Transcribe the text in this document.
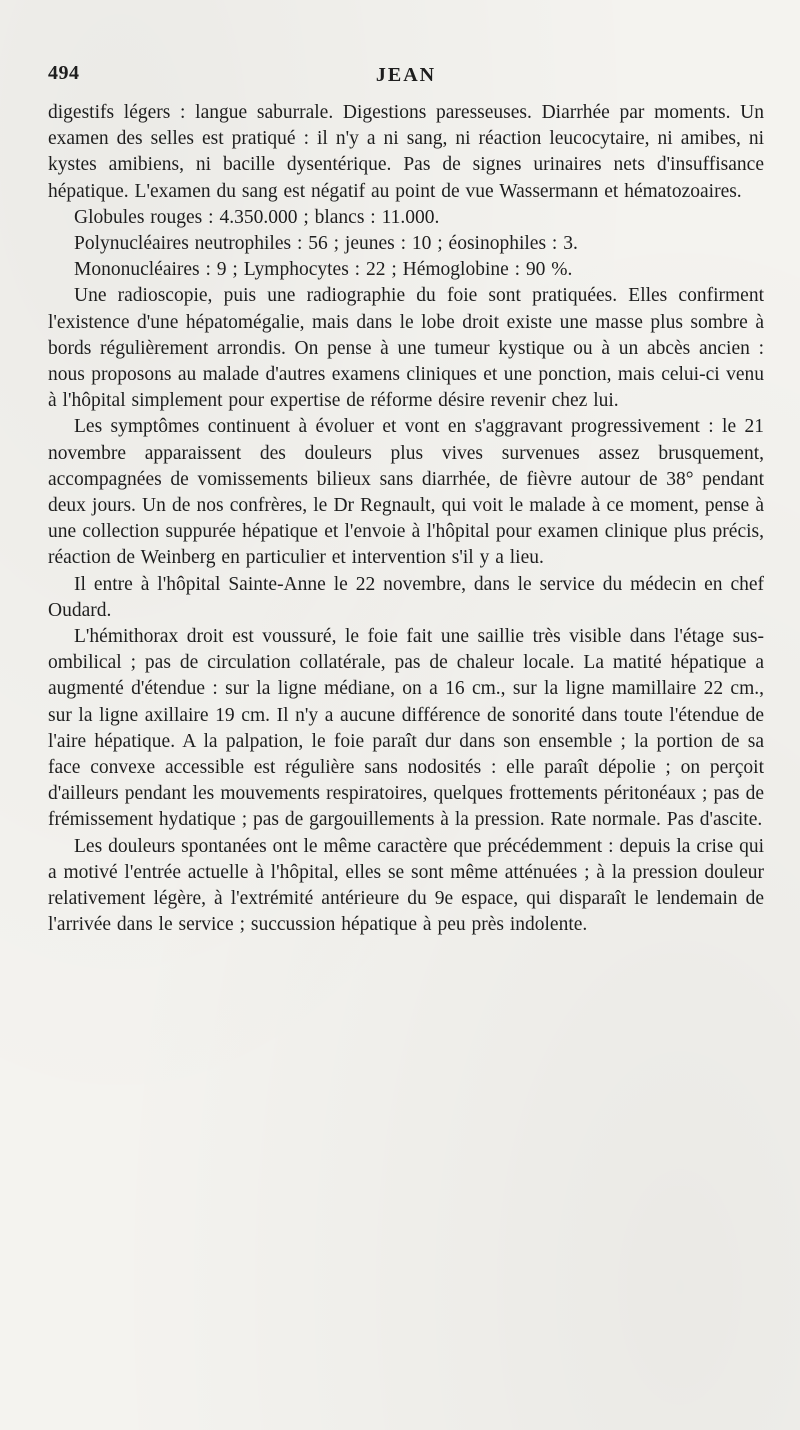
494	JEAN

digestifs légers : langue saburrale. Digestions paresseuses. Diarrhée par moments. Un examen des selles est pratiqué : il n'y a ni sang, ni réaction leucocytaire, ni amibes, ni kystes amibiens, ni bacille dysentérique. Pas de signes urinaires nets d'insuffisance hépatique. L'examen du sang est négatif au point de vue Wassermann et hématozoaires.

Globules rouges : 4.350.000 ; blancs : 11.000.

Polynucléaires neutrophiles : 56 ; jeunes : 10 ; éosinophiles : 3.

Mononucléaires : 9 ; Lymphocytes : 22 ; Hémoglobine : 90 %.

Une radioscopie, puis une radiographie du foie sont pratiquées. Elles confirment l'existence d'une hépatomégalie, mais dans le lobe droit existe une masse plus sombre à bords régulièrement arrondis. On pense à une tumeur kystique ou à un abcès ancien : nous proposons au malade d'autres examens cliniques et une ponction, mais celui-ci venu à l'hôpital simplement pour expertise de réforme désire revenir chez lui.

Les symptômes continuent à évoluer et vont en s'aggravant progressivement : le 21 novembre apparaissent des douleurs plus vives survenues assez brusquement, accompagnées de vomissements bilieux sans diarrhée, de fièvre autour de 38° pendant deux jours. Un de nos confrères, le Dr Regnault, qui voit le malade à ce moment, pense à une collection suppurée hépatique et l'envoie à l'hôpital pour examen clinique plus précis, réaction de Weinberg en particulier et intervention s'il y a lieu.

Il entre à l'hôpital Sainte-Anne le 22 novembre, dans le service du médecin en chef Oudard.

L'hémithorax droit est voussuré, le foie fait une saillie très visible dans l'étage sus-ombilical ; pas de circulation collatérale, pas de chaleur locale. La matité hépatique a augmenté d'étendue : sur la ligne médiane, on a 16 cm., sur la ligne mamillaire 22 cm., sur la ligne axillaire 19 cm. Il n'y a aucune différence de sonorité dans toute l'étendue de l'aire hépatique. A la palpation, le foie paraît dur dans son ensemble ; la portion de sa face convexe accessible est régulière sans nodosités : elle paraît dépolie ; on perçoit d'ailleurs pendant les mouvements respiratoires, quelques frottements péritonéaux ; pas de frémissement hydatique ; pas de gargouillements à la pression. Rate normale. Pas d'ascite.

Les douleurs spontanées ont le même caractère que précédemment : depuis la crise qui a motivé l'entrée actuelle à l'hôpital, elles se sont même atténuées ; à la pression douleur relativement légère, à l'extrémité antérieure du 9e espace, qui disparaît le lendemain de l'arrivée dans le service ; succussion hépatique à peu près indolente.
